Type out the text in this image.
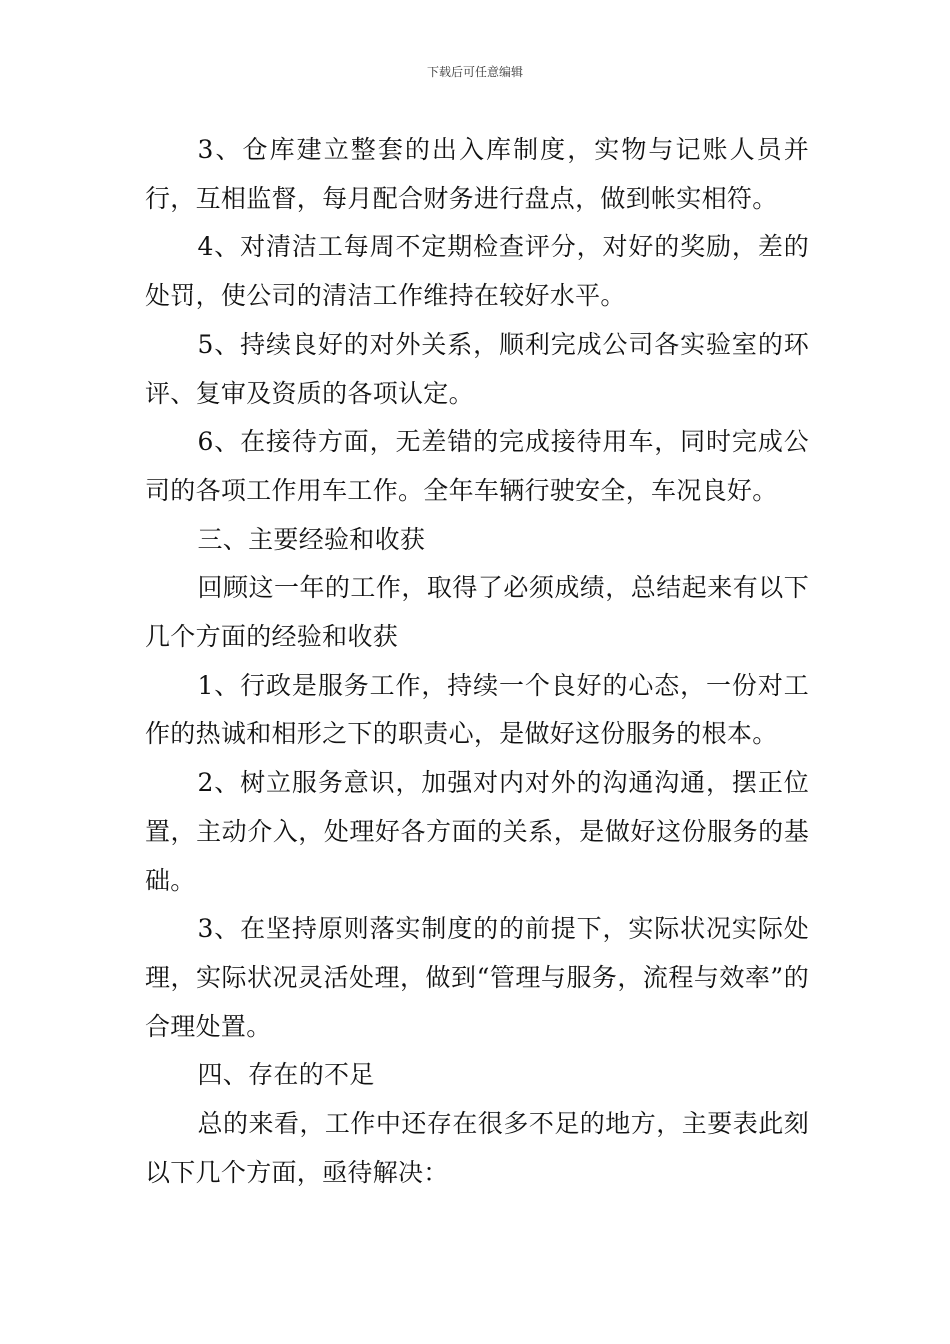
下载后可任意编辑

3、仓库建立整套的出入库制度，实物与记账人员并行，互相监督，每月配合财务进行盘点，做到帐实相符。

4、对清洁工每周不定期检查评分，对好的奖励，差的处罚，使公司的清洁工作维持在较好水平。

5、持续良好的对外关系，顺利完成公司各实验室的环评、复审及资质的各项认定。

6、在接待方面，无差错的完成接待用车，同时完成公司的各项工作用车工作。全年车辆行驶安全，车况良好。

三、主要经验和收获

回顾这一年的工作，取得了必须成绩，总结起来有以下几个方面的经验和收获

1、行政是服务工作，持续一个良好的心态，一份对工作的热诚和相形之下的职责心，是做好这份服务的根本。

2、树立服务意识，加强对内对外的沟通沟通，摆正位置，主动介入，处理好各方面的关系，是做好这份服务的基础。

3、在坚持原则落实制度的的前提下，实际状况实际处理，实际状况灵活处理，做到“管理与服务，流程与效率”的合理处置。

四、存在的不足

总的来看，工作中还存在很多不足的地方，主要表此刻以下几个方面，亟待解决：
